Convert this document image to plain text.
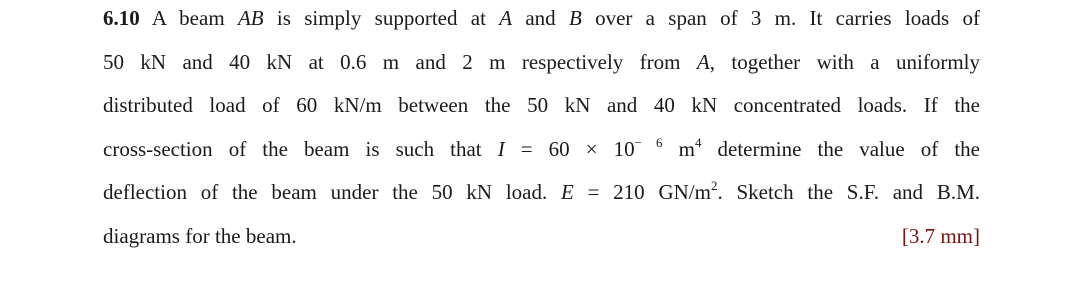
6.10 A beam AB is simply supported at A and B over a span of 3 m. It carries loads of
50 kN and 40 kN at 0.6 m and 2 m respectively from A, together with a uniformly
distributed load of 60 kN/m between the 50 kN and 40 kN concentrated loads. If the
cross-section of the beam is such that $I = 60 \times 10^{- 6}$ $m^4$ determine the value of the
deflection of the beam under the 50 kN load. E = 210 $GN/m^2$. Sketch the S.F. and B.M.
diagrams for the beam.	[3.7 mm]
